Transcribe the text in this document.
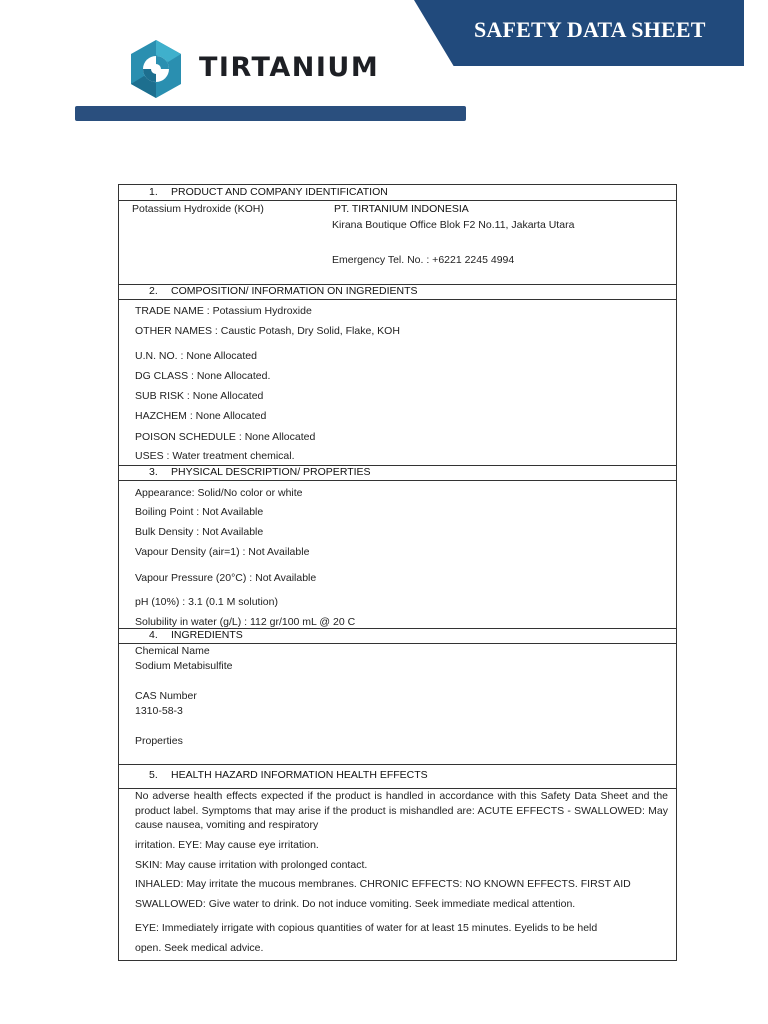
SAFETY DATA SHEET
TIRTANIUM
1. PRODUCT AND COMPANY IDENTIFICATION
Potassium Hydroxide (KOH)	PT. TIRTANIUM INDONESIA
Kirana Boutique Office Blok F2 No.11, Jakarta Utara
Emergency Tel. No. : +6221 2245 4994
2. COMPOSITION/ INFORMATION ON INGREDIENTS
TRADE NAME : Potassium Hydroxide
OTHER NAMES : Caustic Potash, Dry Solid, Flake, KOH
U.N. NO. : None Allocated
DG CLASS : None Allocated.
SUB RISK : None Allocated
HAZCHEM : None Allocated
POISON SCHEDULE : None Allocated
USES : Water treatment chemical.
3. PHYSICAL DESCRIPTION/ PROPERTIES
Appearance: Solid/No color or white
Boiling Point : Not Available
Bulk Density : Not Available
Vapour Density (air=1) : Not Available
Vapour Pressure (20°C) : Not Available
pH (10%) : 3.1 (0.1 M solution)
Solubility in water (g/L) : 112 gr/100 mL @ 20 C
4. INGREDIENTS
Chemical Name
Sodium Metabisulfite
CAS Number
1310-58-3
Properties
5. HEALTH HAZARD INFORMATION HEALTH EFFECTS
No adverse health effects expected if the product is handled in accordance with this Safety Data Sheet and the product label. Symptoms that may arise if the product is mishandled are: ACUTE EFFECTS - SWALLOWED: May cause nausea, vomiting and respiratory
irritation. EYE: May cause eye irritation.
SKIN: May cause irritation with prolonged contact.
INHALED: May irritate the mucous membranes. CHRONIC EFFECTS: NO KNOWN EFFECTS. FIRST AID
SWALLOWED: Give water to drink. Do not induce vomiting. Seek immediate medical attention.
EYE: Immediately irrigate with copious quantities of water for at least 15 minutes. Eyelids to be held
open. Seek medical advice.
